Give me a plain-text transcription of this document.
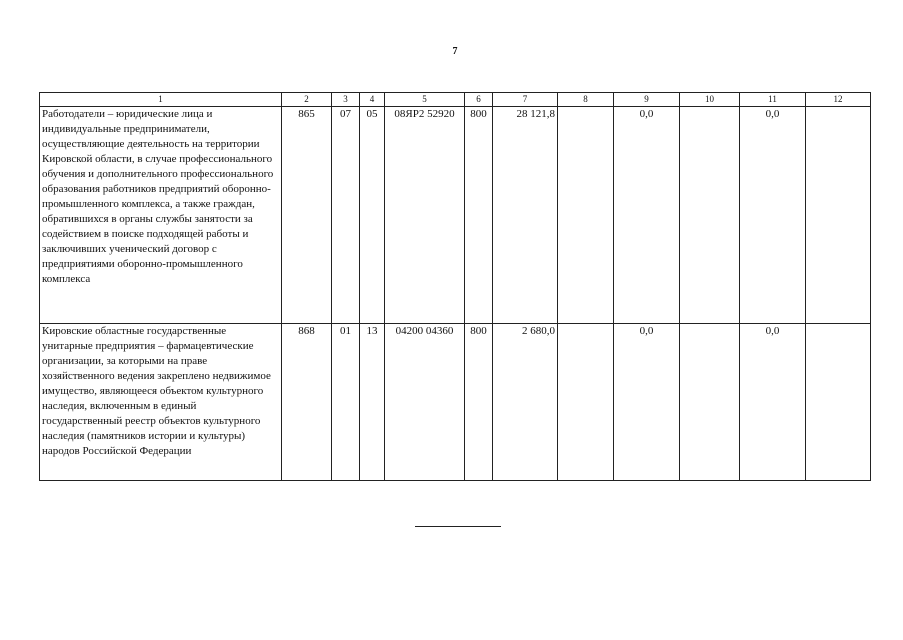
7
1	2	3	4	5	6	7	8	9	10	11	12
Работодатели – юридические лица и индивидуальные предприниматели, осуществляющие деятельность на территории Кировской области, в случае профессионального обучения и дополнительного профессионального образования работников предприятий оборонно-промышленного комплекса, а также граждан, обратившихся в органы службы занятости за содействием в поиске подходящей работы и заключивших ученический договор с предприятиями оборонно-промышленного комплекса	865	07	05	08ЯР2 52920	800	28 121,8		0,0		0,0	
Кировские областные государственные унитарные предприятия – фармацевтические организации, за которыми на праве хозяйственного ведения закреплено недвижимое имущество, являющееся объектом культурного наследия, включенным в единый государственный реестр объектов культурного наследия (памятников истории и культуры) народов Российской Федерации	868	01	13	04200 04360	800	2 680,0		0,0		0,0	
